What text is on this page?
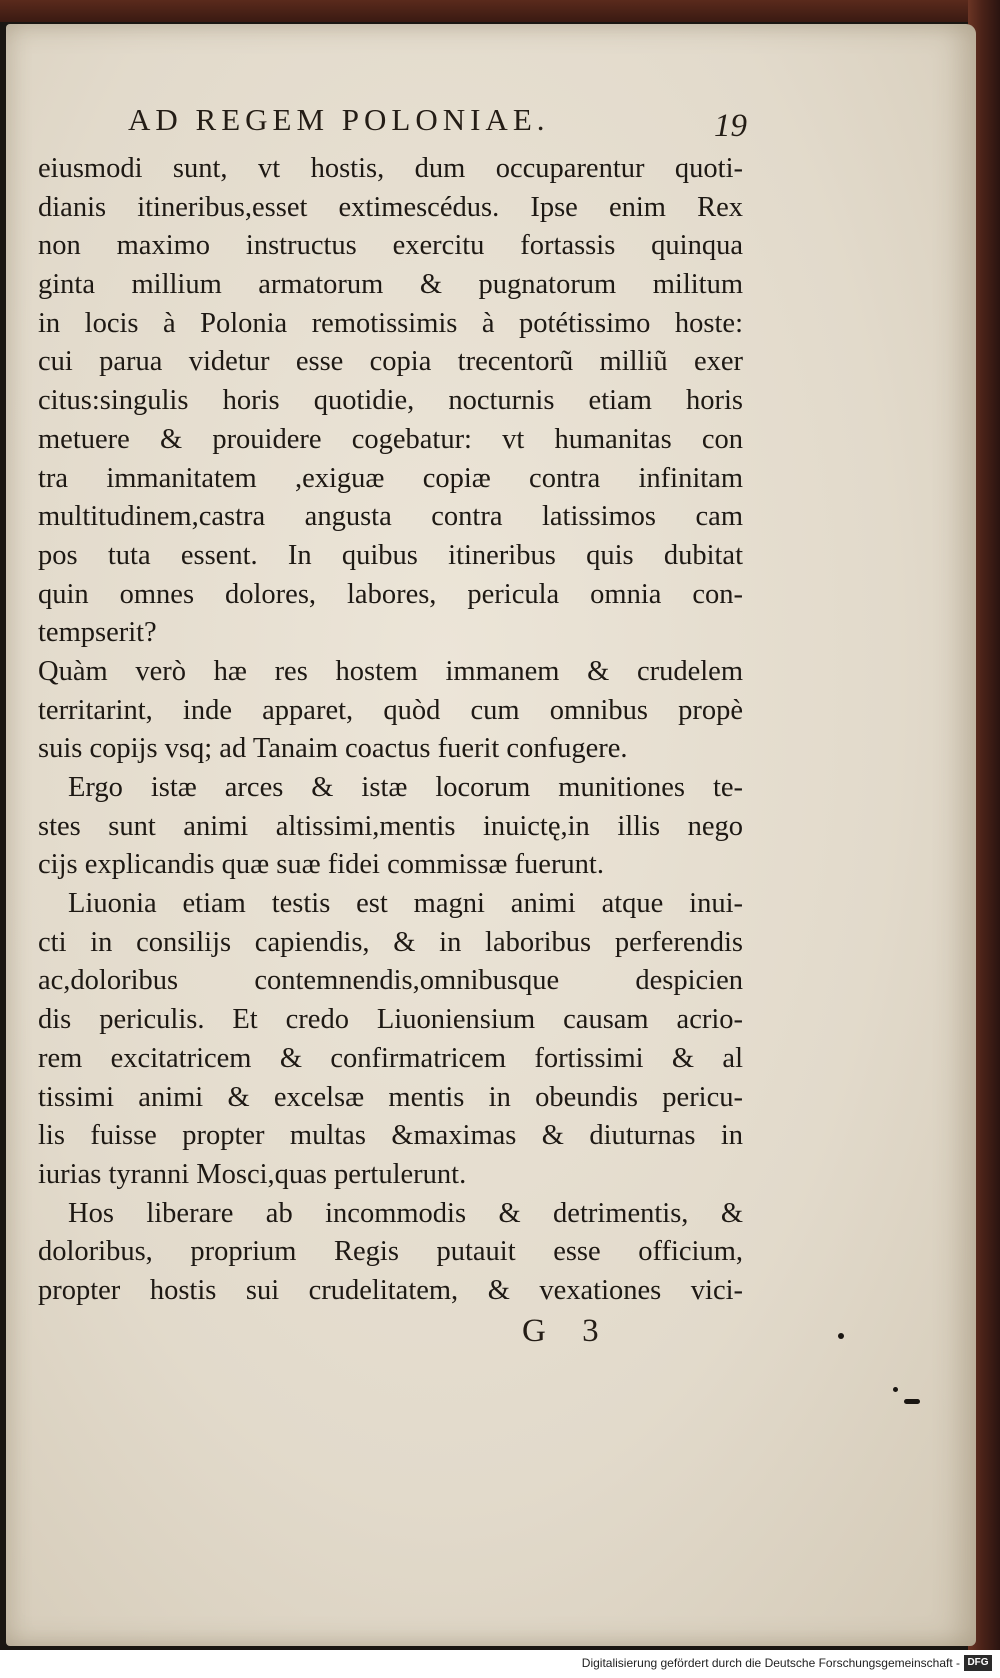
AD REGEM POLONIAE.	19
eiusmodi sunt, vt hostis, dum occuparentur quoti-
dianis itineribus,esset extimescédus. Ipse enim Rex
non maximo instructus exercitu fortassis quinqua
ginta millium armatorum & pugnatorum militum
in locis à Polonia remotissimis à potétissimo hoste:
cui parua videtur esse copia trecentorũ milliũ exer
citus:singulis horis quotidie, nocturnis etiam horis
metuere & prouidere cogebatur: vt humanitas con
tra immanitatem ,exiguæ copiæ contra infinitam
multitudinem,castra angusta contra latissimos cam
pos tuta essent. In quibus itineribus quis dubitat
quin omnes dolores, labores, pericula omnia con-
tempserit?
Quàm verò hæ res hostem immanem & crudelem
territarint, inde apparet, quòd cum omnibus propè
suis copijs vsq; ad Tanaim coactus fuerit confugere.
Ergo istæ arces & istæ locorum munitiones te-
stes sunt animi altissimi,mentis inuictę,in illis nego
cijs explicandis quæ suæ fidei commissæ fuerunt.
Liuonia etiam testis est magni animi atque inui-
cti in consilijs capiendis, & in laboribus perferendis
ac,doloribus contemnendis,omnibusque despicien
dis periculis. Et credo Liuoniensium causam acrio-
rem excitatricem & confirmatricem fortissimi & al
tissimi animi & excelsæ mentis in obeundis pericu-
lis fuisse propter multas &maximas & diuturnas in
iurias tyranni Mosci,quas pertulerunt.
Hos liberare ab incommodis & detrimentis, &
doloribus, proprium Regis putauit esse officium,
propter hostis sui crudelitatem, & vexationes vici-
G 3
Digitalisierung gefördert durch die Deutsche Forschungsgemeinschaft - DFG
